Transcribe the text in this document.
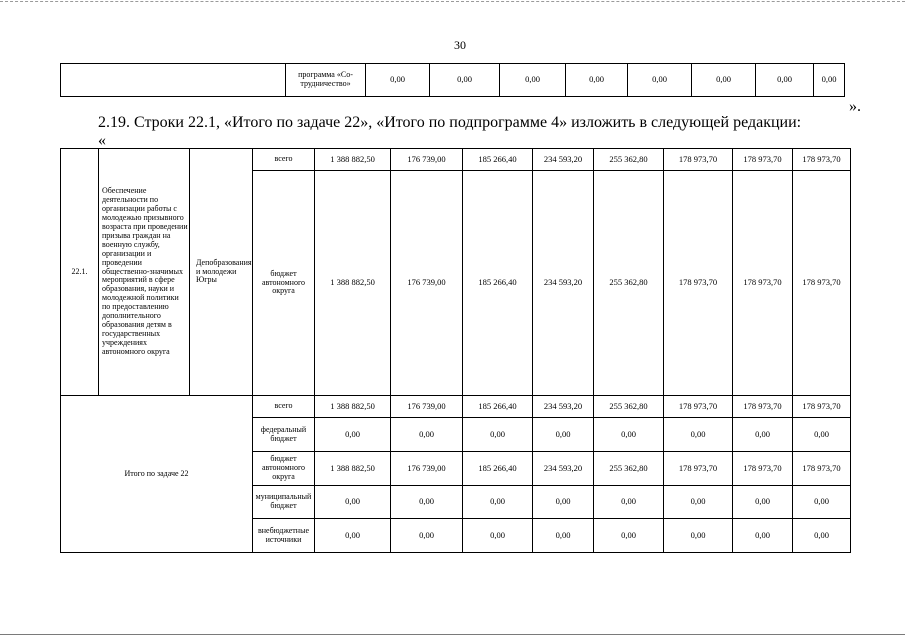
30
	программа «Со-трудничество»	0,00	0,00	0,00	0,00	0,00	0,00	0,00	0,00
».
2.19. Строки 22.1, «Итого по задаче 22», «Итого по подпрограмме 4» изложить в следующей редакции:
«
22.1.	Обеспечение деятельности по организации работы с молодежью призывного возраста при проведении призыва граждан на военную службу, организации и проведении общественно-значимых мероприятий в сфере образования, науки и молодежной политики по предоставлению дополнительного образования детям в государственных учреждениях автономного округа	Депобразования и молодежи Югры	всего	1 388 882,50	176 739,00	185 266,40	234 593,20	255 362,80	178 973,70	178 973,70	178 973,70
			бюджет автономного округа	1 388 882,50	176 739,00	185 266,40	234 593,20	255 362,80	178 973,70	178 973,70	178 973,70
Итого по задаче 22			всего	1 388 882,50	176 739,00	185 266,40	234 593,20	255 362,80	178 973,70	178 973,70	178 973,70
			федеральный бюджет	0,00	0,00	0,00	0,00	0,00	0,00	0,00	0,00
			бюджет автономного округа	1 388 882,50	176 739,00	185 266,40	234 593,20	255 362,80	178 973,70	178 973,70	178 973,70
			муниципальный бюджет	0,00	0,00	0,00	0,00	0,00	0,00	0,00	0,00
			внебюджетные источники	0,00	0,00	0,00	0,00	0,00	0,00	0,00	0,00
